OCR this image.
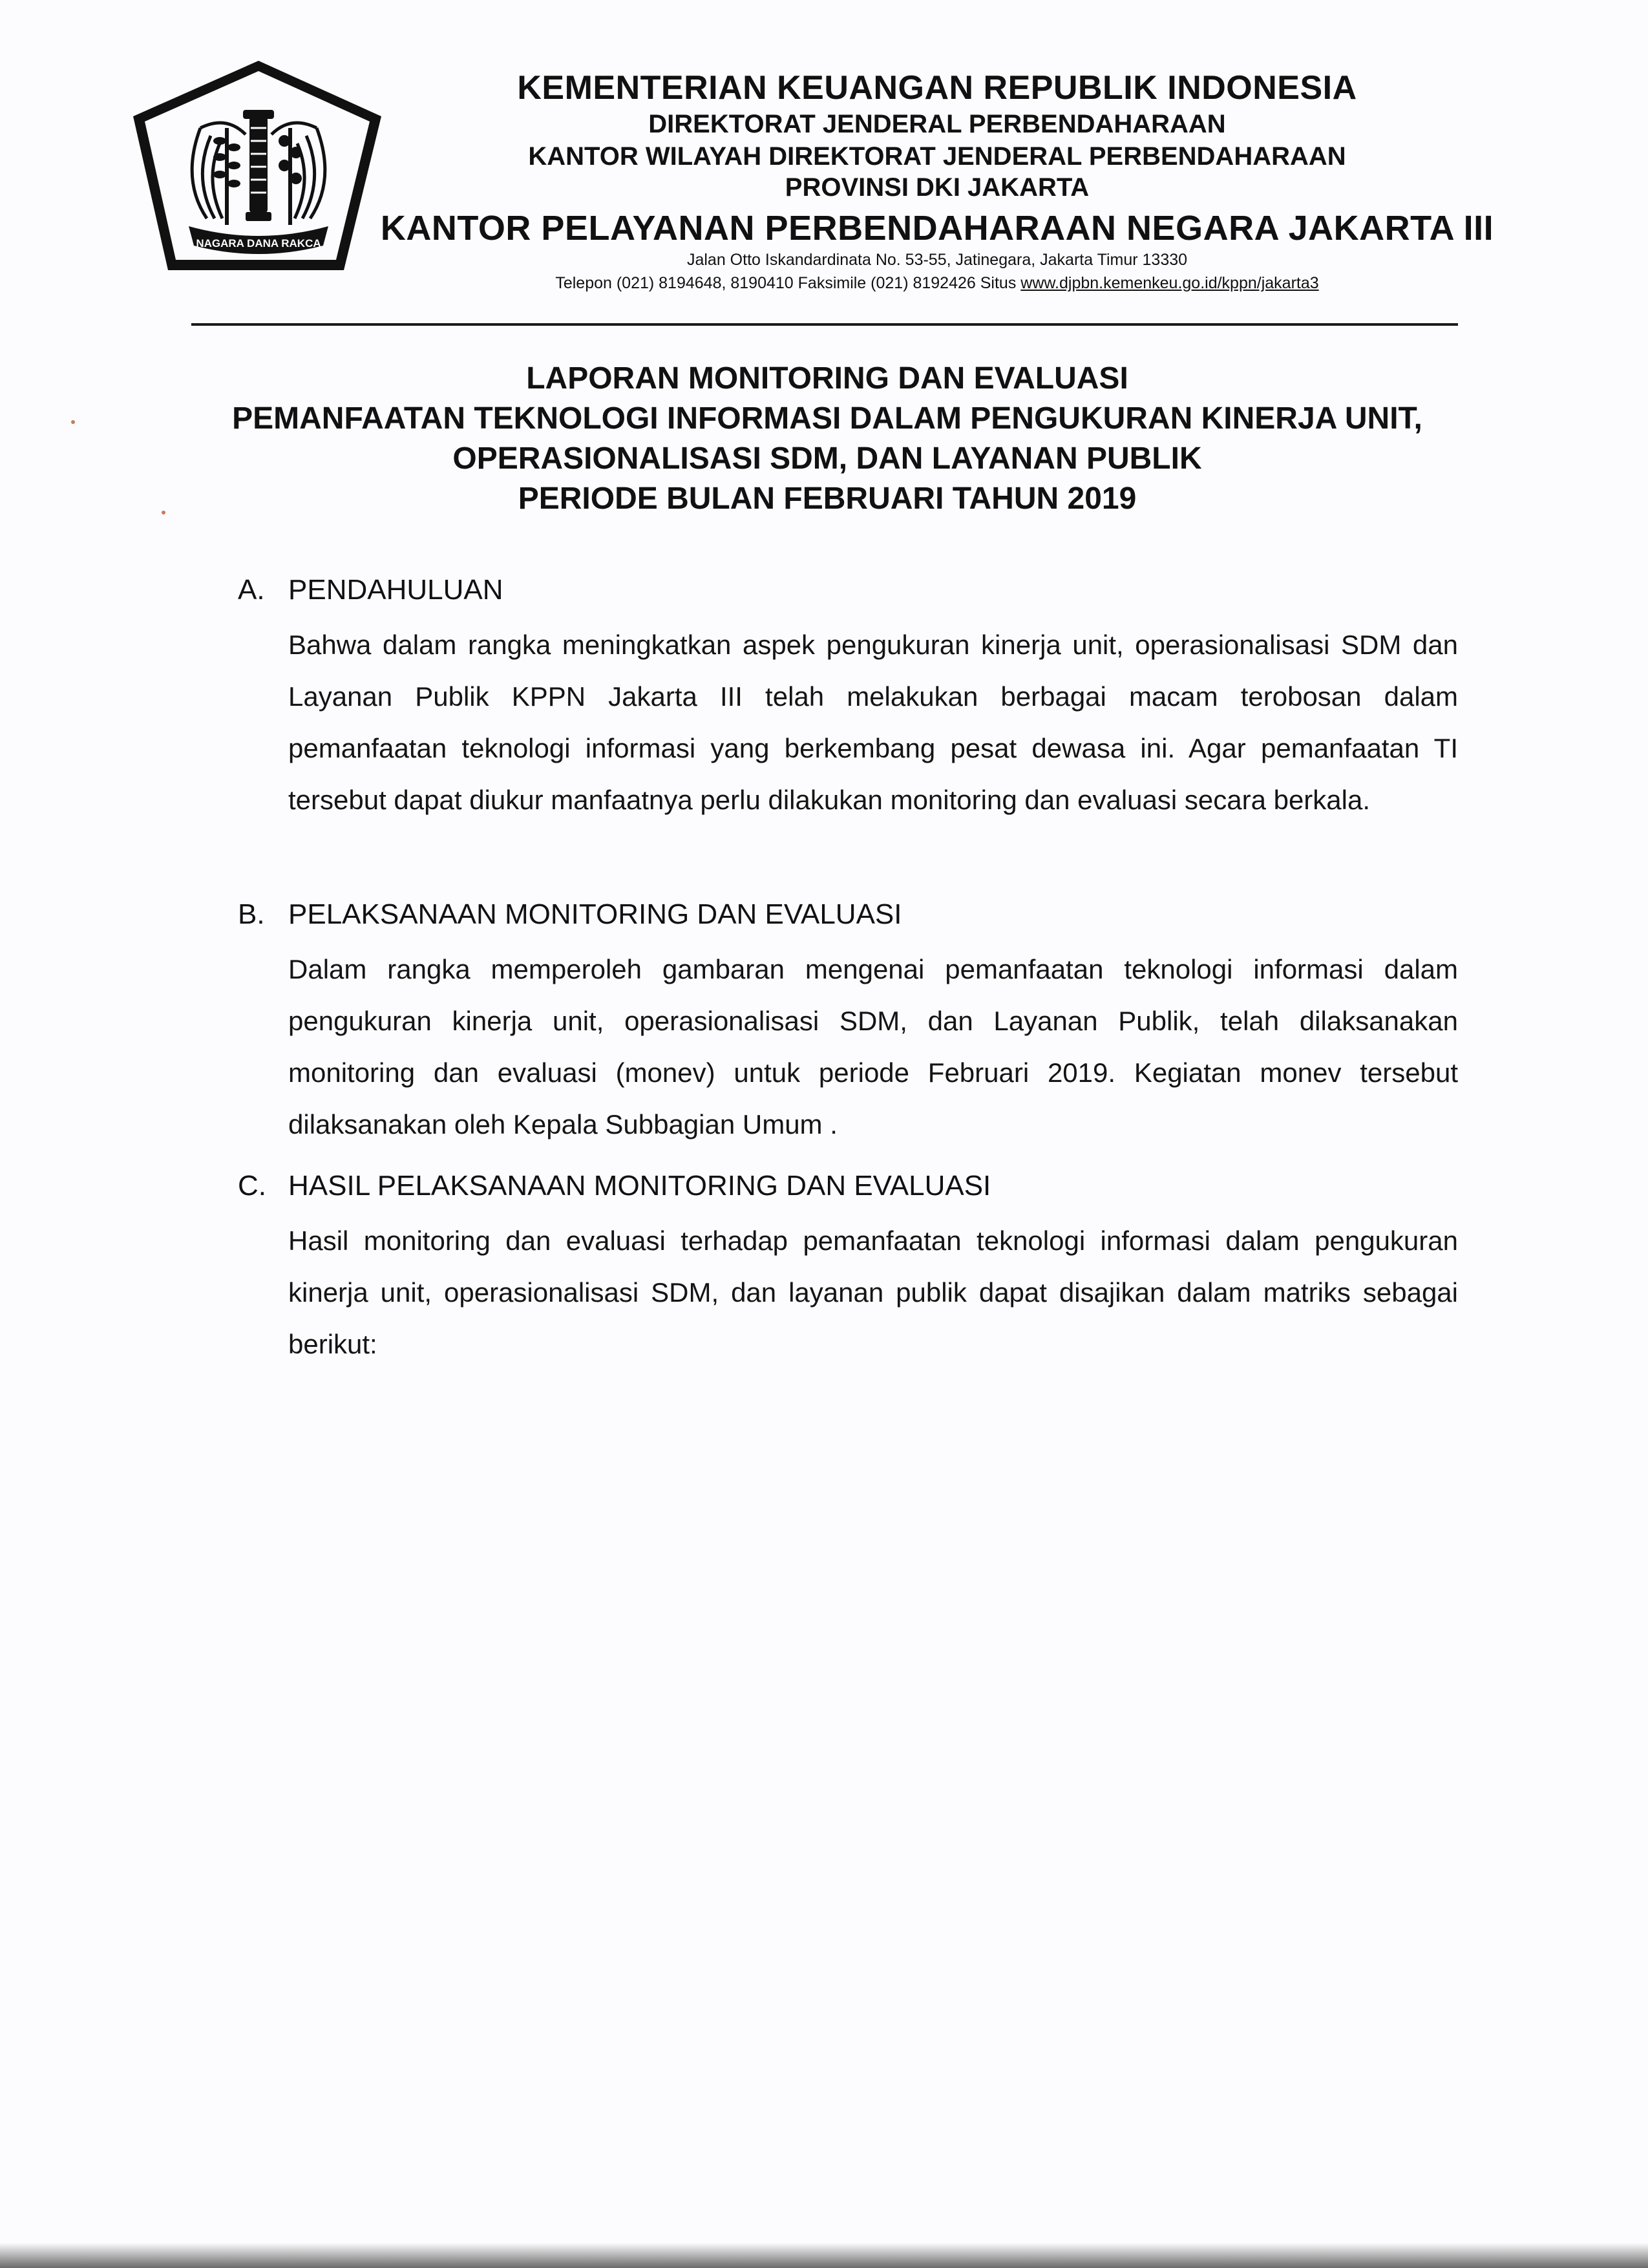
NAGARA DANA RAKCA
KEMENTERIAN KEUANGAN REPUBLIK INDONESIA
DIREKTORAT JENDERAL PERBENDAHARAAN
KANTOR WILAYAH DIREKTORAT JENDERAL PERBENDAHARAAN
PROVINSI DKI JAKARTA
KANTOR PELAYANAN PERBENDAHARAAN NEGARA JAKARTA III
Jalan Otto Iskandardinata No. 53-55, Jatinegara, Jakarta Timur 13330
Telepon (021) 8194648, 8190410 Faksimile (021) 8192426 Situs www.djpbn.kemenkeu.go.id/kppn/jakarta3
LAPORAN MONITORING DAN EVALUASI
PEMANFAATAN TEKNOLOGI INFORMASI DALAM PENGUKURAN KINERJA UNIT,
OPERASIONALISASI SDM, DAN LAYANAN PUBLIK
PERIODE BULAN FEBRUARI TAHUN 2019
A. PENDAHULUAN
Bahwa dalam rangka meningkatkan aspek pengukuran kinerja unit, operasionalisasi SDM dan Layanan Publik KPPN Jakarta III telah melakukan berbagai macam terobosan dalam pemanfaatan teknologi informasi yang berkembang pesat dewasa ini. Agar pemanfaatan TI tersebut dapat diukur manfaatnya perlu dilakukan monitoring dan evaluasi secara berkala.
B. PELAKSANAAN MONITORING DAN EVALUASI
Dalam rangka memperoleh gambaran mengenai pemanfaatan teknologi informasi dalam pengukuran kinerja unit, operasionalisasi SDM, dan Layanan Publik, telah dilaksanakan monitoring dan evaluasi (monev) untuk periode Februari 2019. Kegiatan monev tersebut dilaksanakan oleh Kepala Subbagian Umum .
C. HASIL PELAKSANAAN MONITORING DAN EVALUASI
Hasil monitoring dan evaluasi terhadap pemanfaatan teknologi informasi dalam pengukuran kinerja unit, operasionalisasi SDM, dan layanan publik dapat disajikan dalam matriks sebagai berikut:
